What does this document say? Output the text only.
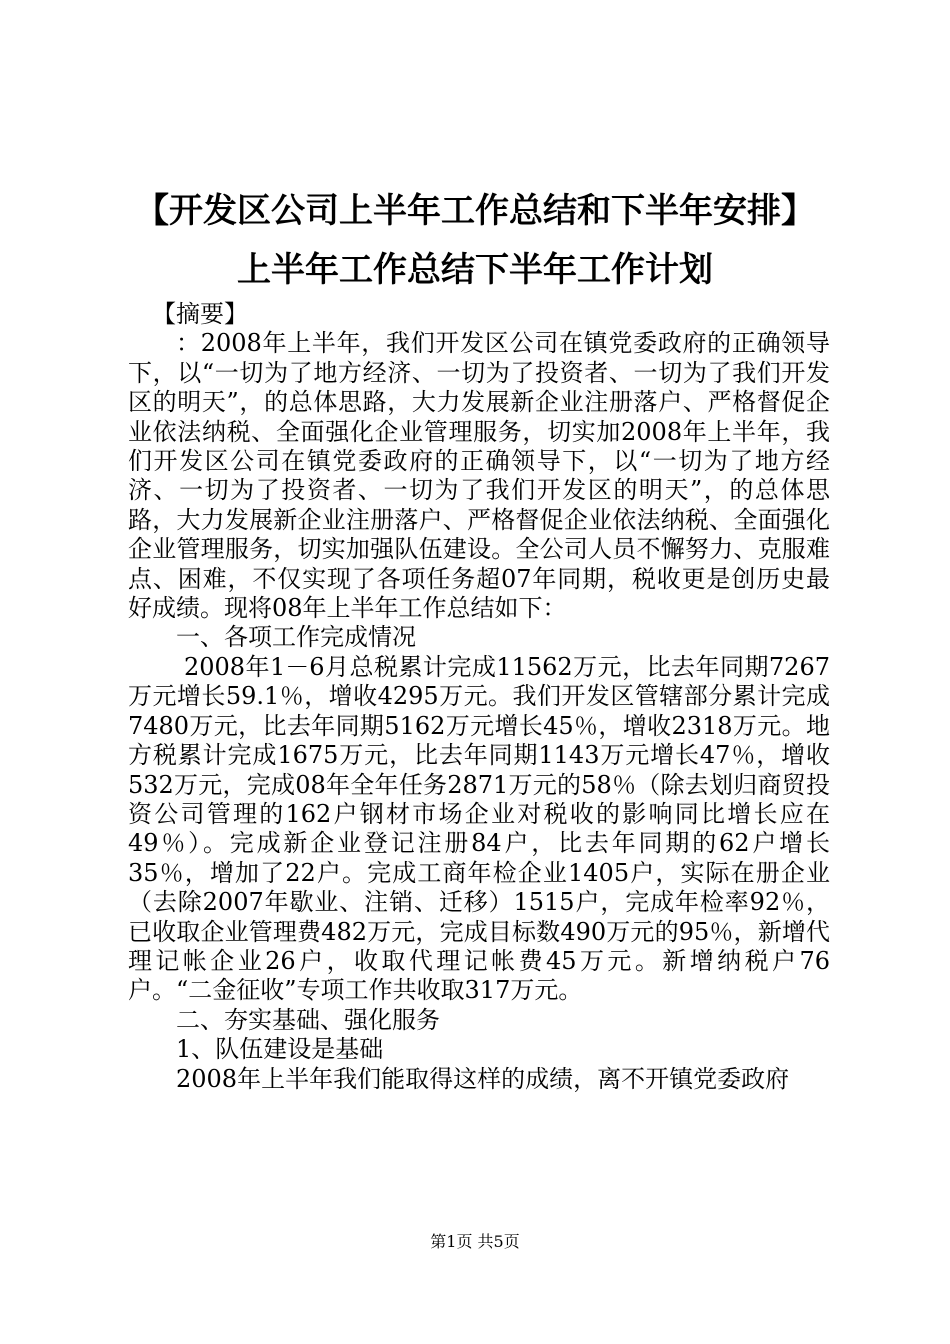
【开发区公司上半年工作总结和下半年安排】
上半年工作总结下半年工作计划

【摘要】

：2008年上半年，我们开发区公司在镇党委政府的正确领导下，以“一切为了地方经济、一切为了投资者、一切为了我们开发区的明天”，的总体思路，大力发展新企业注册落户、严格督促企业依法纳税、全面强化企业管理服务，切实加2008年上半年，我们开发区公司在镇党委政府的正确领导下，以“一切为了地方经济、一切为了投资者、一切为了我们开发区的明天”，的总体思路，大力发展新企业注册落户、严格督促企业依法纳税、全面强化企业管理服务，切实加强队伍建设。全公司人员不懈努力、克服难点、困难，不仅实现了各项任务超07年同期，税收更是创历史最好成绩。现将08年上半年工作总结如下：

一、各项工作完成情况

2008年1－6月总税累计完成11562万元，比去年同期7267万元增长59.1％，增收4295万元。我们开发区管辖部分累计完成7480万元，比去年同期5162万元增长45％，增收2318万元。地方税累计完成1675万元，比去年同期1143万元增长47％，增收532万元，完成08年全年任务2871万元的58％（除去划归商贸投资公司管理的162户钢材市场企业对税收的影响同比增长应在49％）。完成新企业登记注册84户，比去年同期的62户增长35％，增加了22户。完成工商年检企业1405户，实际在册企业（去除2007年歇业、注销、迁移）1515户，完成年检率92％，已收取企业管理费482万元，完成目标数490万元的95％，新增代理记帐企业26户，收取代理记帐费45万元。新增纳税户76户。“二金征收”专项工作共收取317万元。

二、夯实基础、强化服务

1、队伍建设是基础

2008年上半年我们能取得这样的成绩，离不开镇党委政府

第1页 共5页
